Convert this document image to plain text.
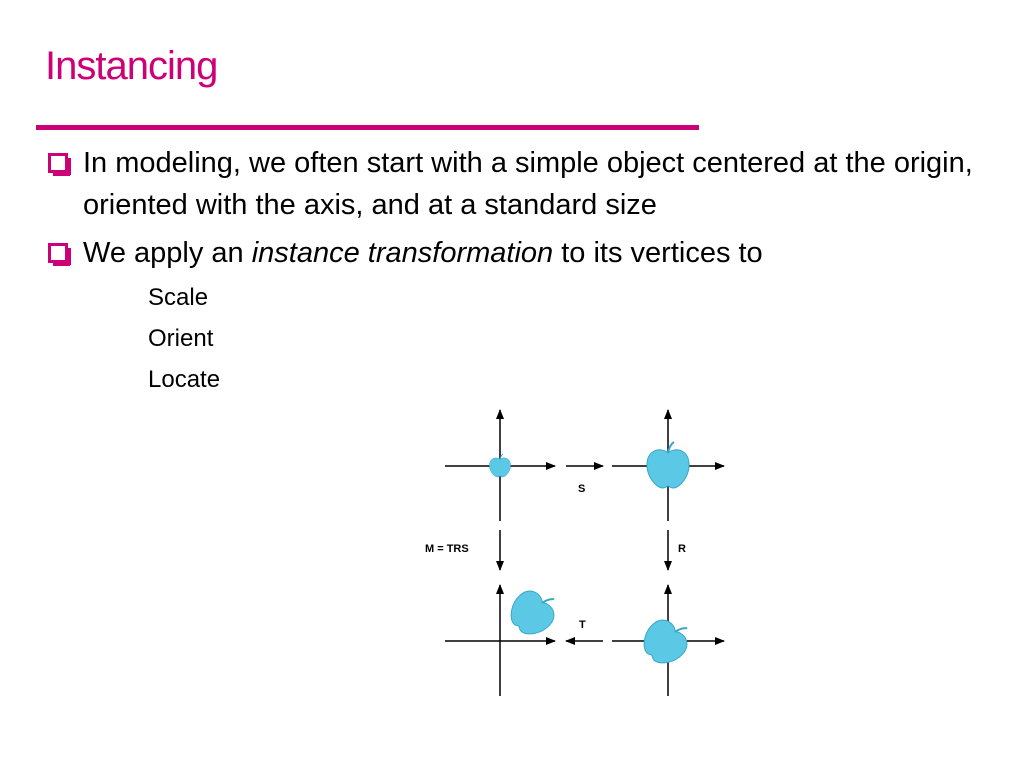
Instancing
In modeling, we often start with a simple object centered at the origin, oriented with the axis, and at a standard size
We apply an instance transformation to its vertices to
Scale
Orient
Locate
S
R
T
M = TRS
